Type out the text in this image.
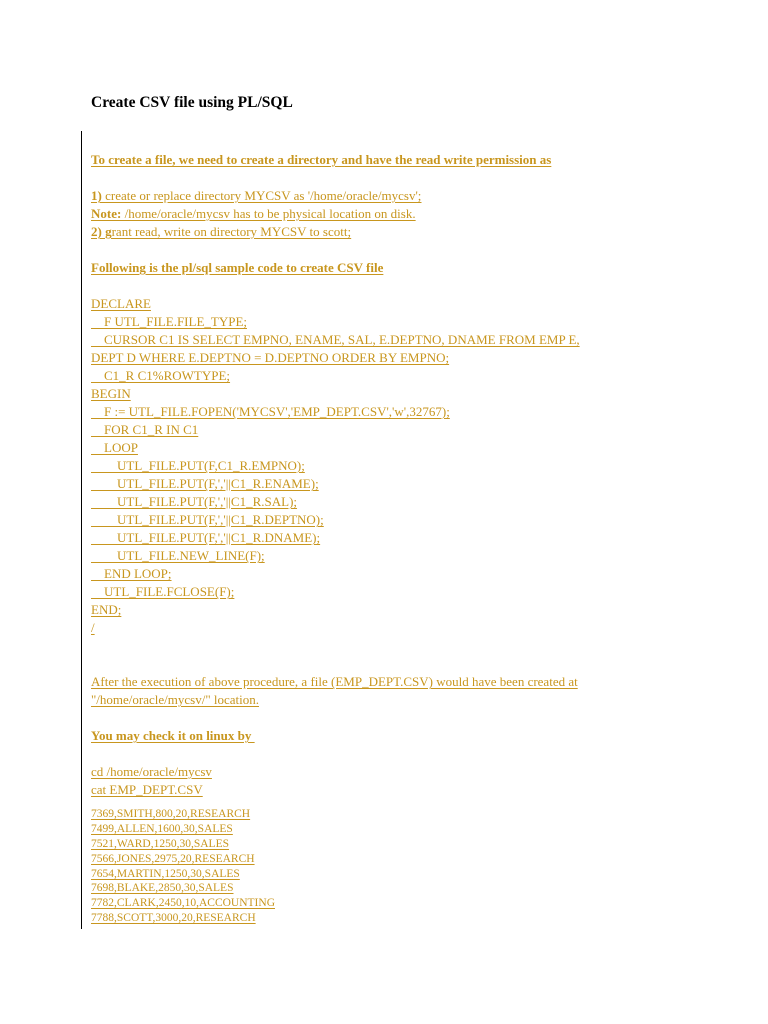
Create CSV file using PL/SQL
To create a file, we need to create a directory and have the read write permission as
1) create or replace directory MYCSV as '/home/oracle/mycsv';
Note: /home/oracle/mycsv has to be physical location on disk.
2) grant read, write on directory MYCSV to scott;
Following is the pl/sql sample code to create CSV file
DECLARE
F UTL_FILE.FILE_TYPE;
CURSOR C1 IS SELECT EMPNO, ENAME, SAL, E.DEPTNO, DNAME FROM EMP E,
DEPT D WHERE E.DEPTNO = D.DEPTNO ORDER BY EMPNO;
C1_R C1%ROWTYPE;
BEGIN
F := UTL_FILE.FOPEN('MYCSV','EMP_DEPT.CSV','w',32767);
FOR C1_R IN C1
LOOP
UTL_FILE.PUT(F,C1_R.EMPNO);
UTL_FILE.PUT(F,','||C1_R.ENAME);
UTL_FILE.PUT(F,','||C1_R.SAL);
UTL_FILE.PUT(F,','||C1_R.DEPTNO);
UTL_FILE.PUT(F,','||C1_R.DNAME);
UTL_FILE.NEW_LINE(F);
END LOOP;
UTL_FILE.FCLOSE(F);
END;
/
After the execution of above procedure, a file (EMP_DEPT.CSV) would have been created at
"/home/oracle/mycsv/" location.
You may check it on linux by
cd /home/oracle/mycsv
cat EMP_DEPT.CSV
7369,SMITH,800,20,RESEARCH
7499,ALLEN,1600,30,SALES
7521,WARD,1250,30,SALES
7566,JONES,2975,20,RESEARCH
7654,MARTIN,1250,30,SALES
7698,BLAKE,2850,30,SALES
7782,CLARK,2450,10,ACCOUNTING
7788,SCOTT,3000,20,RESEARCH
